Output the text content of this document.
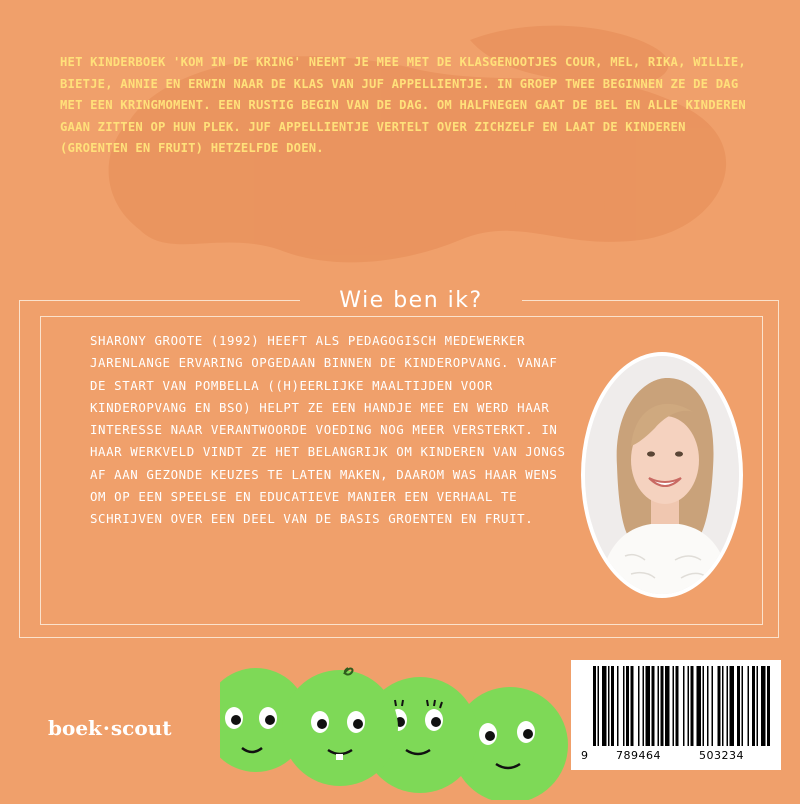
HET KINDERBOEK 'KOM IN DE KRING' NEEMT JE MEE MET DE KLASGENOOTJES COUR, MEL, RIKA, WILLIE, BIETJE, ANNIE EN ERWIN NAAR DE KLAS VAN JUF APPELLIENTJE. IN GROEP TWEE BEGINNEN ZE DE DAG MET EEN KRINGMOMENT. EEN RUSTIG BEGIN VAN DE DAG. OM HALFNEGEN GAAT DE BEL EN ALLE KINDEREN GAAN ZITTEN OP HUN PLEK. JUF APPELLIENTJE VERTELT OVER ZICHZELF EN LAAT DE KINDEREN (GROENTEN EN FRUIT) HETZELFDE DOEN.

Wie ben ik?

SHARONY GROOTE (1992) HEEFT ALS PEDAGOGISCH MEDEWERKER JARENLANGE ERVARING OPGEDAAN BINNEN DE KINDEROPVANG. VANAF DE START VAN POMBELLA ((H)EERLIJKE MAALTIJDEN VOOR KINDEROPVANG EN BSO) HELPT ZE EEN HANDJE MEE EN WERD HAAR INTERESSE NAAR VERANTWOORDE VOEDING NOG MEER VERSTERKT. IN HAAR WERKVELD VINDT ZE HET BELANGRIJK OM KINDEREN VAN JONGS AF AAN GEZONDE KEUZES TE LATEN MAKEN, DAAROM WAS HAAR WENS OM OP EEN SPEELSE EN EDUCATIEVE MANIER EEN VERHAAL TE SCHRIJVEN OVER EEN DEEL VAN DE BASIS GROENTEN EN FRUIT.

boek·scout
9	789464	503234
